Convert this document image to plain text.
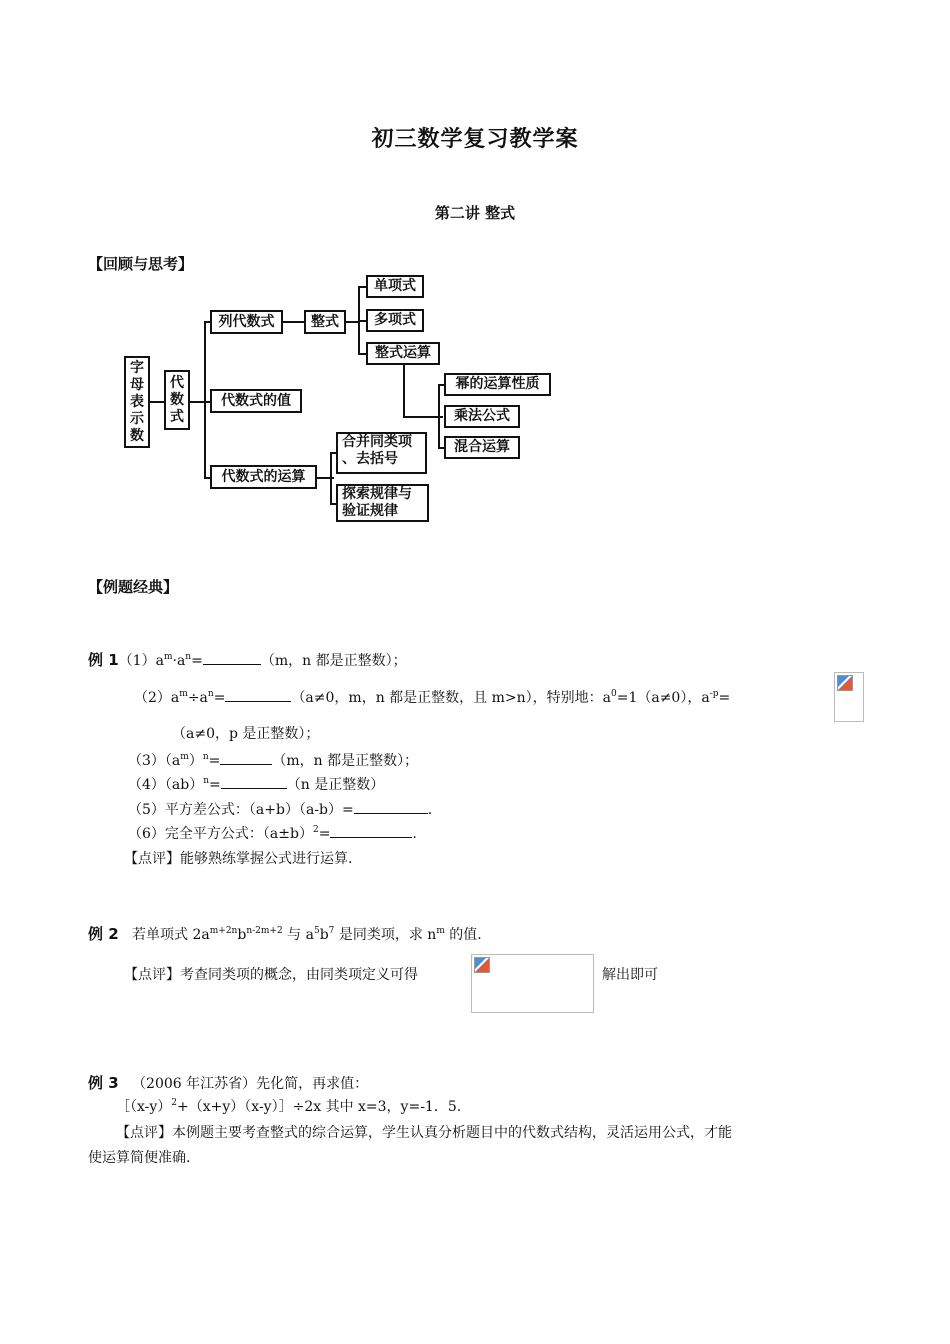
初三数学复习教学案
第二讲 整式
【回顾与思考】
字
母
表
示
数
代
数
式
列代数式	整式
单项式
多项式
整式运算
幂的运算性质
乘法公式
混合运算
代数式的值
代数式的运算
合并同类项
、去括号
探索规律与
验证规律
【例题经典】
例 $1(1)a^m\cdot a^n=$	（m，n 都是正整数）；
$(2)a^m\div a^n=$	（a≠0，m，n 都是正整数，且 m>n），特别地：$a^0=1(a\ne 0)$，$a^{-p}=$
（a≠0，p 是正整数）；
$(3)(a^m)^n=$	（m，n 都是正整数）；
（4）（ab）$^n$=	（n 是正整数）
（5）平方差公式：（a+b）（a-b）=	.
（6）完全平方公式：$(a\pm b)^2=$	.
【点评】能够熟练掌握公式进行运算.
例 2 若单项式 $2a^{m+2n}b^{n-2m+2}$ 与 $a^5b^7$ 是同类项，求 $n^m$ 的值.
【点评】考查同类项的概念，由同类项定义可得	解出即可
例 3 （2006 年江苏省）先化简，再求值：
$[(x-y)^2+(x+y)(x-y)]\div 2x$ 其中 x=3，y=-1．5.
【点评】本例题主要考查整式的综合运算，学生认真分析题目中的代数式结构，灵活运用公式，才能
使运算简便准确.
